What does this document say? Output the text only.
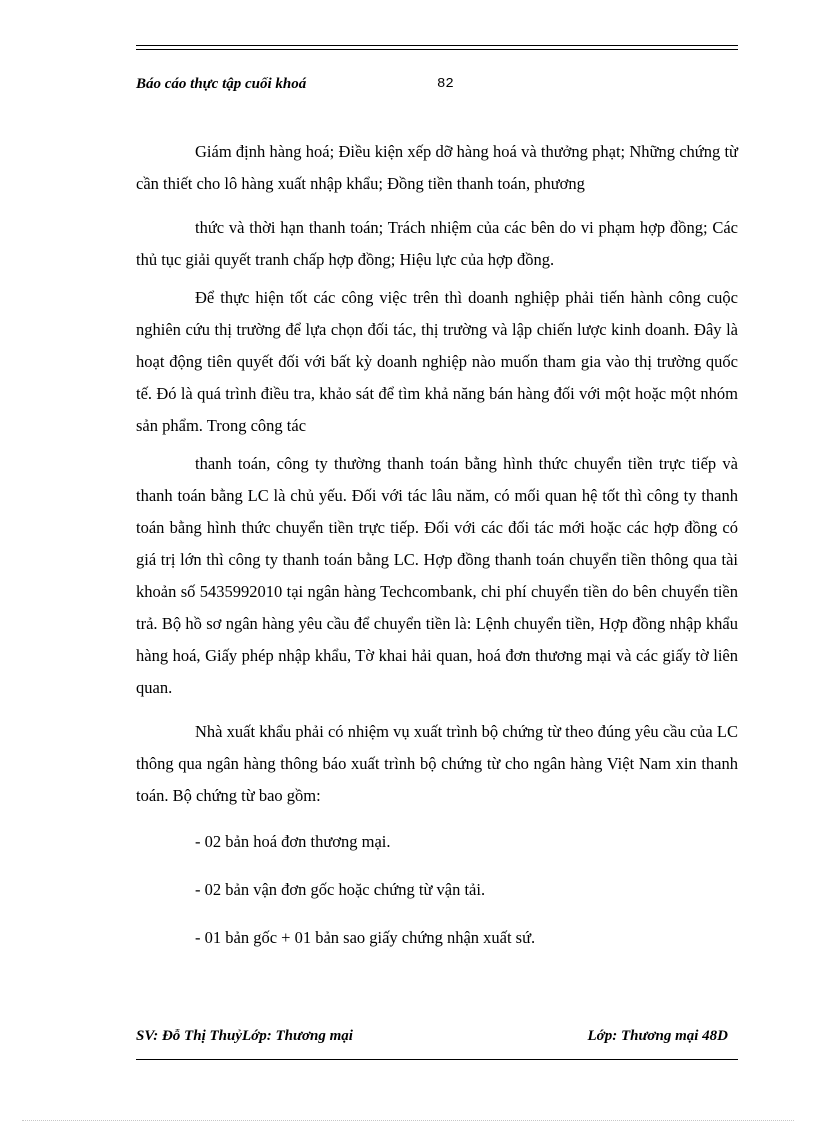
Báo cáo thực tập cuối khoá	82

Giám định hàng hoá; Điều kiện xếp dỡ hàng hoá và thưởng phạt; Những chứng từ cần thiết cho lô hàng xuất nhập khẩu; Đồng tiền thanh toán, phương

thức và thời hạn thanh toán; Trách nhiệm của các bên do vi phạm hợp đồng; Các thủ tục giải quyết tranh chấp hợp đồng; Hiệu lực của hợp đồng.

Để thực hiện tốt các công việc trên thì doanh nghiệp phải tiến hành công cuộc nghiên cứu thị trường để lựa chọn đối tác, thị trường và lập chiến lược kinh doanh. Đây là hoạt động tiên quyết đối với bất kỳ doanh nghiệp nào muốn tham gia vào thị trường quốc tế. Đó là quá trình điều tra, khảo sát để tìm khả năng bán hàng đối với một hoặc một nhóm sản phẩm. Trong công tác

thanh toán, công ty thường thanh toán bằng hình thức chuyển tiền trực tiếp và thanh toán bằng LC là chủ yếu. Đối với tác lâu năm, có mối quan hệ tốt thì công ty thanh toán bằng hình thức chuyển tiền trực tiếp. Đối với các đối tác mới hoặc các hợp đồng có giá trị lớn thì công ty thanh toán bằng LC. Hợp đồng thanh toán chuyển tiền thông qua tài khoản số 5435992010 tại ngân hàng Techcombank, chi phí chuyển tiền do bên chuyển tiền trả. Bộ hồ sơ ngân hàng yêu cầu để chuyển tiền là: Lệnh chuyển tiền, Hợp đồng nhập khẩu hàng hoá, Giấy phép nhập khẩu, Tờ khai hải quan, hoá đơn thương mại và các giấy tờ liên quan.

Nhà xuất khẩu phải có nhiệm vụ xuất trình bộ chứng từ theo đúng yêu cầu của LC thông qua ngân hàng thông báo xuất trình bộ chứng từ cho ngân hàng Việt Nam xin thanh toán. Bộ chứng từ bao gồm:

- 02 bản hoá đơn thương mại.

- 02 bản vận đơn gốc hoặc chứng từ vận tải.

- 01 bản gốc + 01 bản sao giấy chứng nhận xuất sứ.

SV: Đỗ Thị ThuỷLớp: Thương mại	Lớp: Thương mại 48D
